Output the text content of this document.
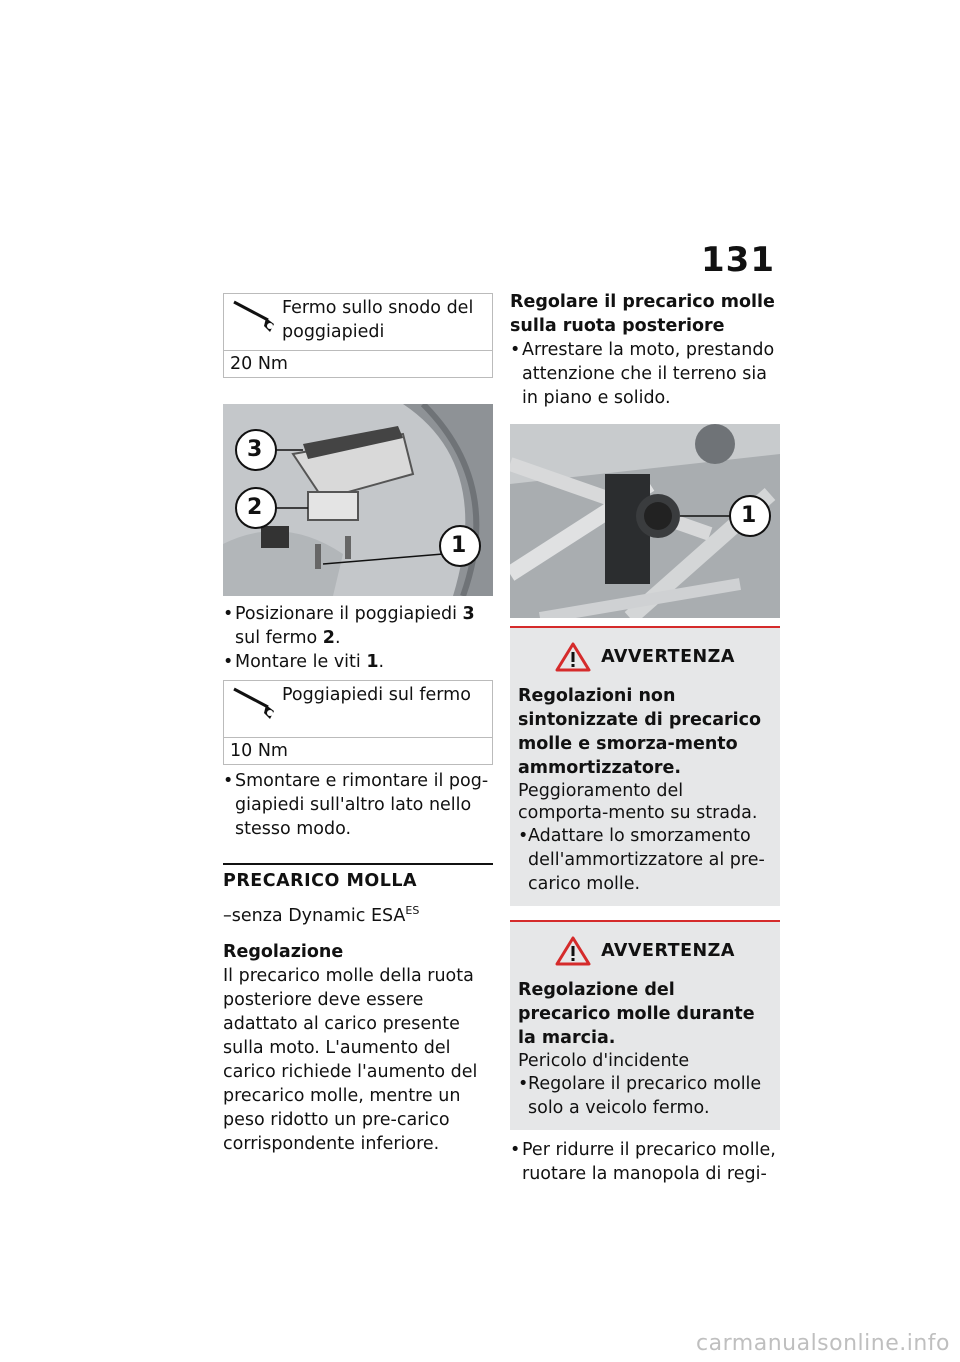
131
Fermo sullo snodo del poggiapiedi
20 Nm
3
2
1
• Posizionare il poggiapiedi 3 sul fermo 2.
• Montare le viti 1.
Poggiapiedi sul fermo
10 Nm
• Smontare e rimontare il pog-giapiedi sull'altro lato nello stesso modo.
PRECARICO MOLLA
–senza Dynamic $ESA^{ES}$
Regolazione

Il precarico molle della ruota posteriore deve essere adattato al carico presente sulla moto. L'aumento del carico richiede l'aumento del precarico molle, mentre un peso ridotto un pre-carico corrispondente inferiore.

Regolare il precarico molle sulla ruota posteriore
• Arrestare la moto, prestando attenzione che il terreno sia in piano e solido.
1
AVVERTENZA
Regolazioni non sintonizzate di precarico molle e smorza-mento ammortizzatore.

Peggioramento del comporta-mento su strada.

• Adattare lo smorzamento dell'ammortizzatore al pre-carico molle.
AVVERTENZA
Regolazione del precarico molle durante la marcia.

Pericolo d'incidente

• Regolare il precarico molle solo a veicolo fermo.
• Per ridurre il precarico molle, ruotare la manopola di regi-
carmanualsonline.info
